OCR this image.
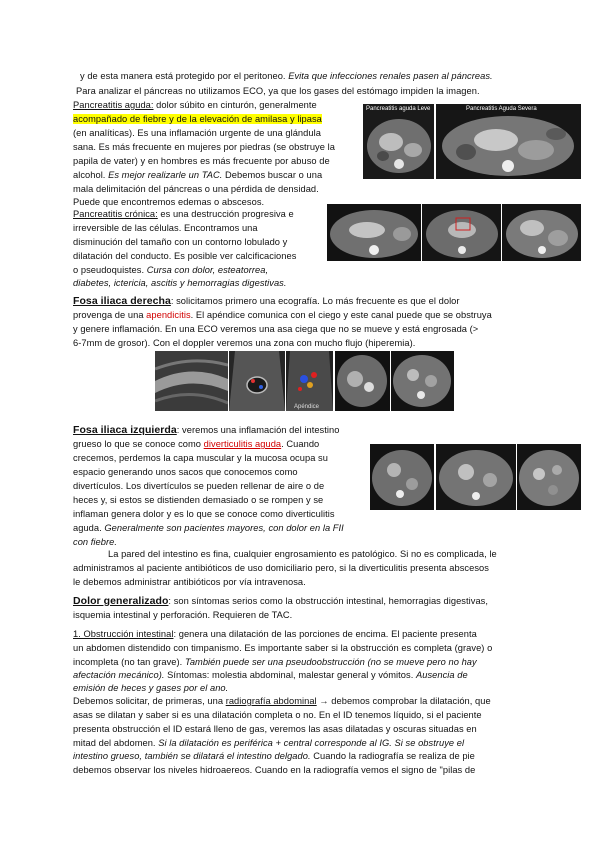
y de esta manera está protegido por el peritoneo. Evita que infecciones renales pasen al páncreas.
Para analizar el páncreas no utilizamos ECO, ya que los gases del estómago impiden la imagen.
Pancreatitis aguda: dolor súbito en cinturón, generalmente
acompañado de fiebre y de la elevación de amilasa y lipasa
(en analíticas). Es una inflamación urgente de una glándula
sana. Es más frecuente en mujeres por piedras (se obstruye la
papila de vater) y en hombres es más frecuente por abuso de
alcohol. Es mejor realizarle un TAC. Debemos buscar o una
mala delimitación del páncreas o una pérdida de densidad.
Puede que encontremos edemas o abscesos.
Pancreatitis aguda Leve	Pancreatitis Aguda Severa
Pancreatitis crónica: es una destrucción progresiva e
irreversible de las células. Encontramos una
disminución del tamaño con un contorno lobulado y
dilatación del conducto. Es posible ver calcificaciones
o pseudoquistes. Cursa con dolor, esteatorrea,
diabetes, ictericia, ascitis y hemorragias digestivas.
Fosa iliaca derecha: solicitamos primero una ecografía. Lo más frecuente es que el dolor
provenga de una apendicitis. El apéndice comunica con el ciego y este canal puede que se obstruya
y genere inflamación. En una ECO veremos una asa ciega que no se mueve y está engrosada (>
6-7mm de grosor). Con el doppler veremos una zona con mucho flujo (hiperemia).
Apéndice
Fosa iliaca izquierda: veremos una inflamación del intestino
grueso lo que se conoce como diverticulitis aguda. Cuando
crecemos, perdemos la capa muscular y la mucosa ocupa su
espacio generando unos sacos que conocemos como
divertículos. Los divertículos se pueden rellenar de aire o de
heces y, si estos se distienden demasiado o se rompen y se
inflaman genera dolor y es lo que se conoce como diverticulitis
aguda. Generalmente son pacientes mayores, con dolor en la FII
con fiebre.
La pared del intestino es fina, cualquier engrosamiento es patológico. Si no es complicada, le
administramos al paciente antibióticos de uso domiciliario pero, si la diverticulitis presenta abscesos
le debemos administrar antibióticos por vía intravenosa.
Dolor generalizado: son síntomas serios como la obstrucción intestinal, hemorragias digestivas,
isquemia intestinal y perforación. Requieren de TAC.
1. Obstrucción intestinal: genera una dilatación de las porciones de encima. El paciente presenta
un abdomen distendido con timpanismo. Es importante saber si la obstrucción es completa (grave) o
incompleta (no tan grave). También puede ser una pseudoobstrucción (no se mueve pero no hay
afectación mecánico). Síntomas: molestia abdominal, malestar general y vómitos. Ausencia de
emisión de heces y gases por el ano.
Debemos solicitar, de primeras, una radiografía abdominal → debemos comprobar la dilatación, que
asas se dilatan y saber si es una dilatación completa o no. En el ID tenemos líquido, si el paciente
presenta obstrucción el ID estará lleno de gas, veremos las asas dilatadas y oscuras situadas en
mitad del abdomen. Si la dilatación es periférica + central corresponde al IG. Si se obstruye el
intestino grueso, también se dilatará el intestino delgado. Cuando la radiografía se realiza de pie
debemos observar los niveles hidroaereos. Cuando en la radiografía vemos el signo de "pilas de
